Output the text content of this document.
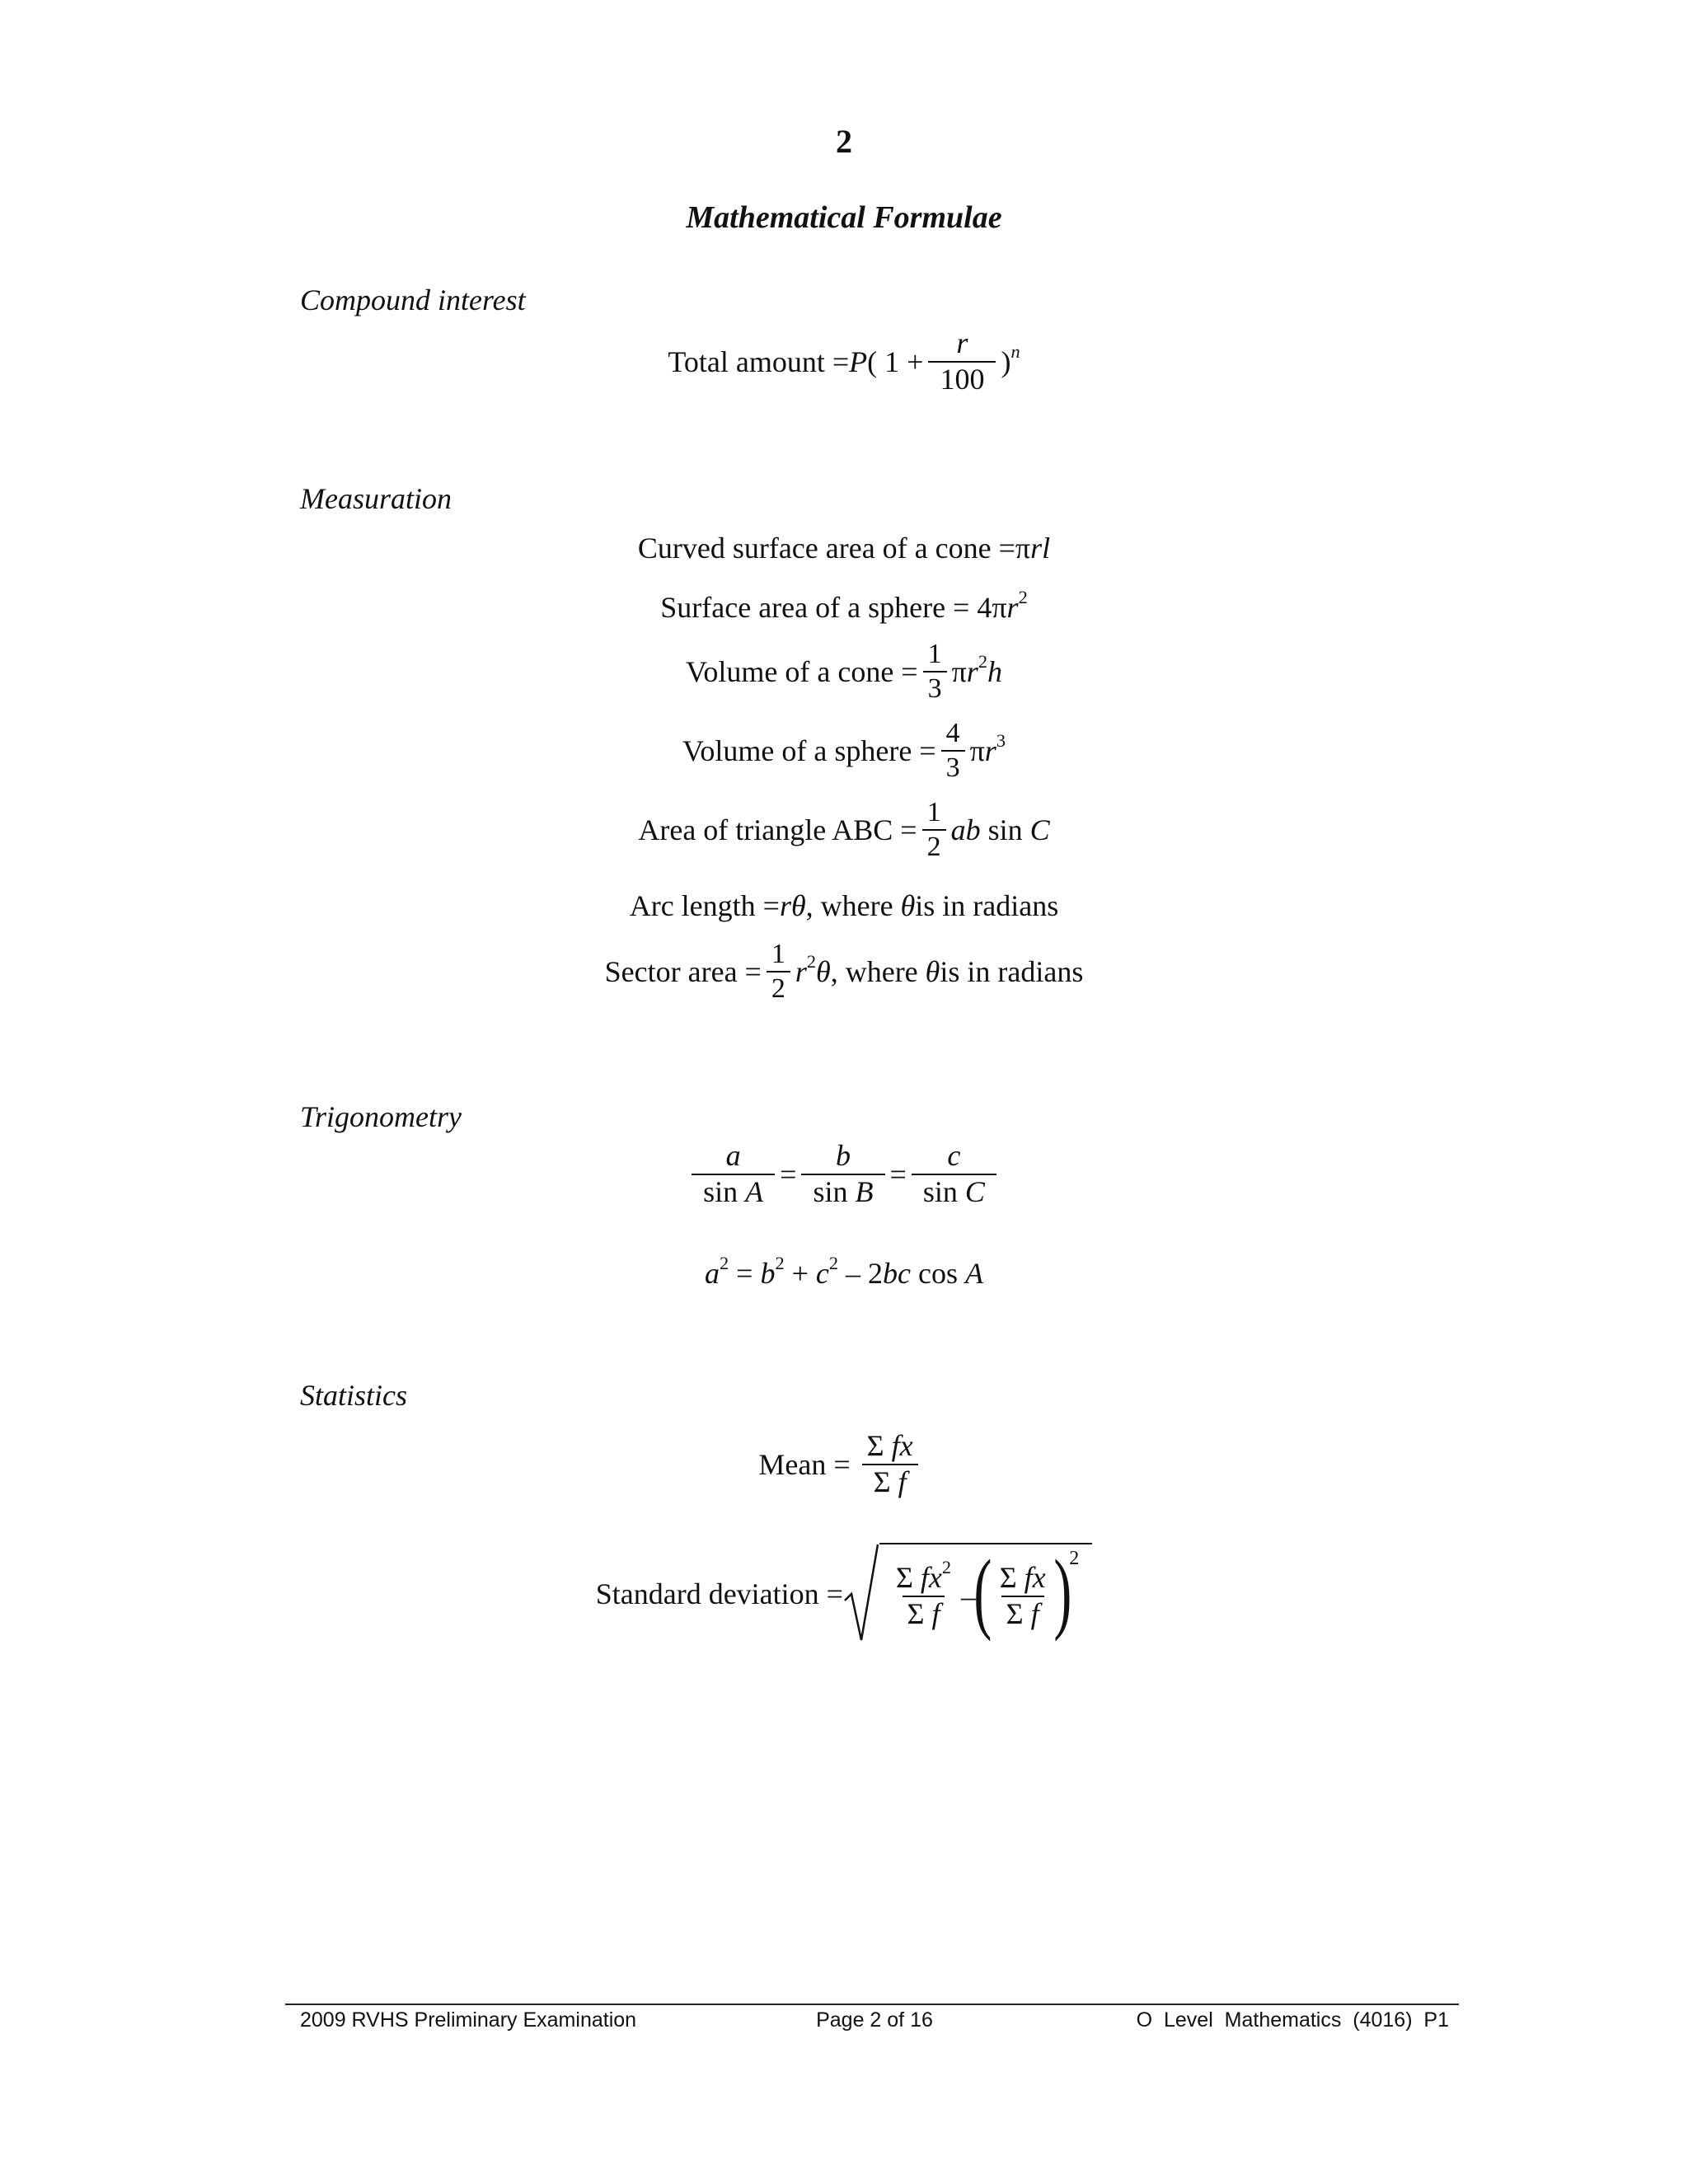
2
Mathematical Formulae
Compound interest
Total amount = P( $1 + \frac{r}{100} )^n$
Measuration
Curved surface area of a cone = πrl
Surface area of a sphere = 4 $\pi r^2$
Volume of a cone = $\frac{1}{3} \pi r^2h$
Volume of a sphere = $\frac{4}{3} \pi r^3$
Area of triangle ABC = $\frac{1}{2}$ ab sin C
Arc length = rθ, where θ is in radians
Sector area = $\frac{1}{2} r^2\theta$, where θ is in radians
Trigonometry
$\frac{a}{\text{sin A}} = \frac{b}{\text{sin B}} = \frac{c}{\text{sin C}}$
$a^2 = b^2 + c^2 - 2bc$ cos A
Statistics
Mean = $\frac{\text{Σ fx}}{\text{Σ f}}$
Standard deviation = $\frac{\Sigma fx^2}{\text{Σ f}}$ –
( $\frac{\text{Σ fx}}{\text{Σ f}}$ )
2
2009 RVHS Preliminary Examination	Page 2 of 16	O  Level  Mathematics  (4016)  P1
